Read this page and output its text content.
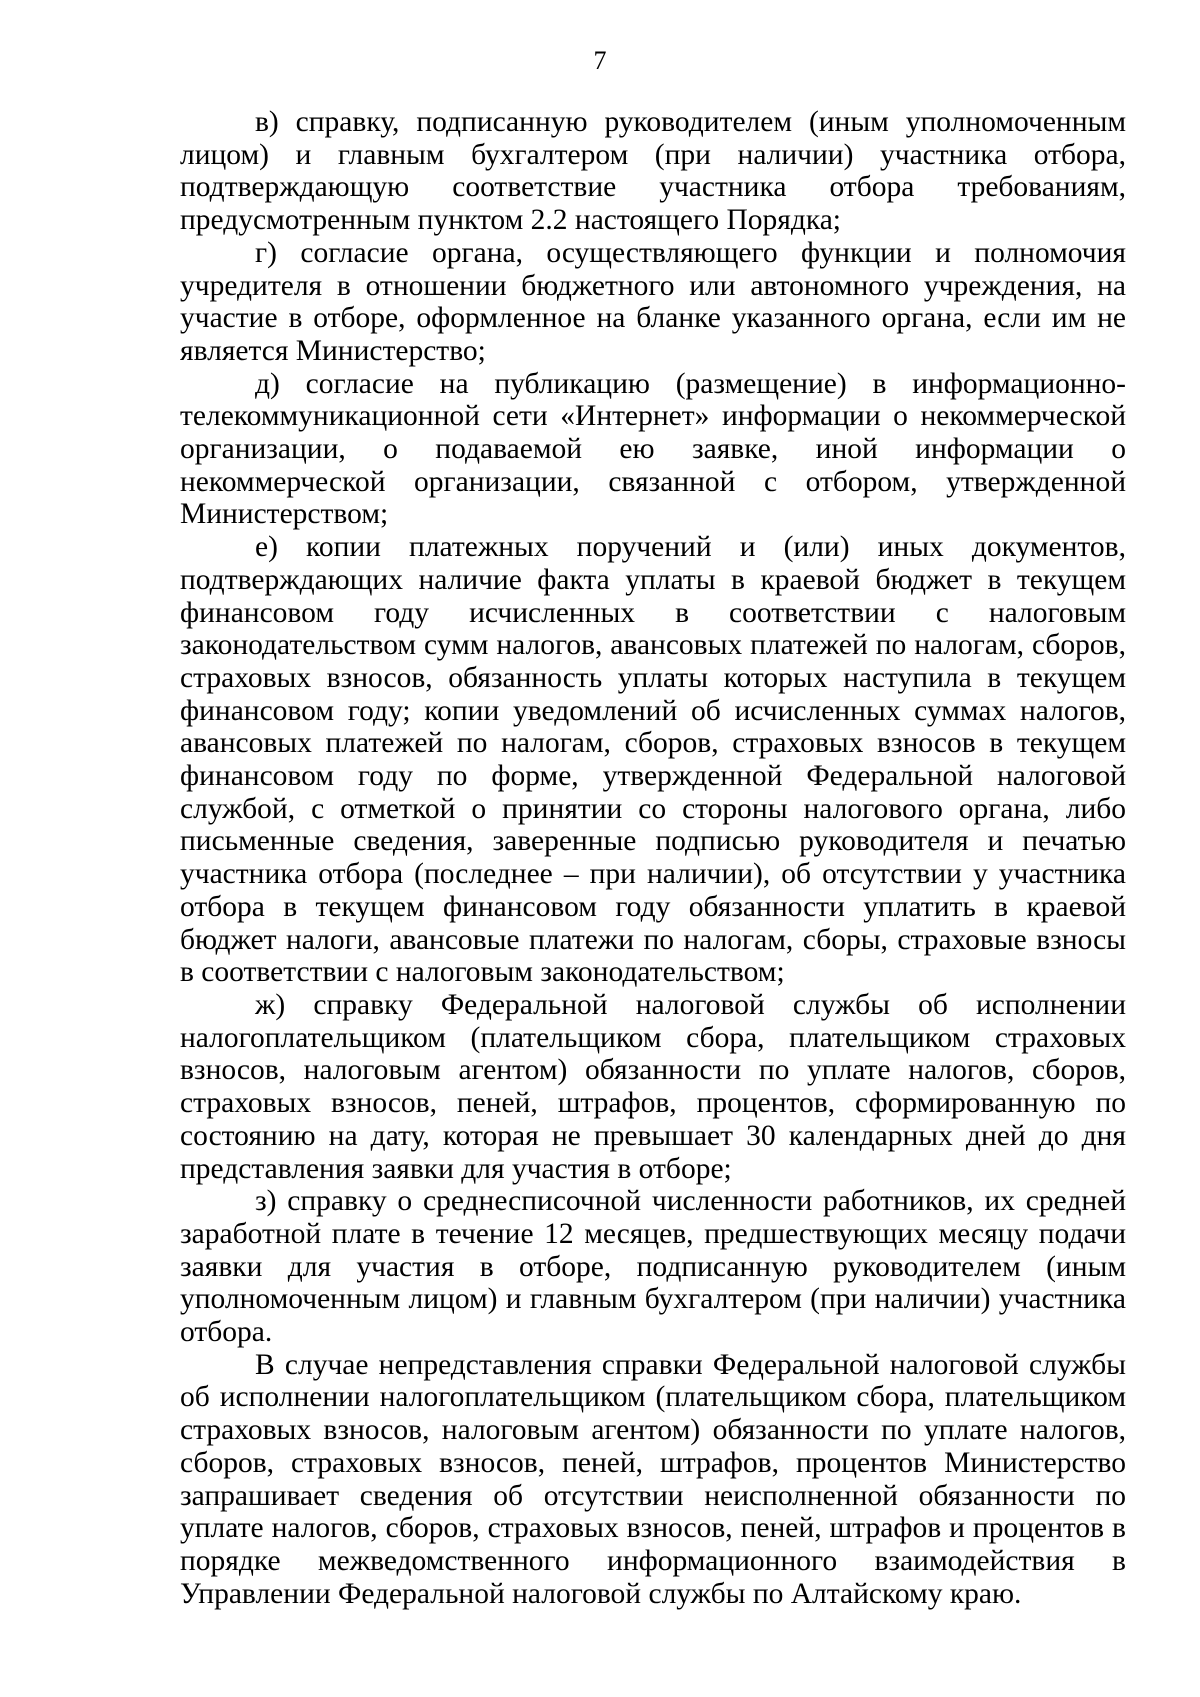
7

в) справку, подписанную руководителем (иным уполномоченным лицом) и главным бухгалтером (при наличии) участника отбора, подтверждающую соответствие участника отбора требованиям, предусмотренным пунктом 2.2 настоящего Порядка;

г) согласие органа, осуществляющего функции и полномочия учредителя в отношении бюджетного или автономного учреждения, на участие в отборе, оформленное на бланке указанного органа, если им не является Министерство;

д) согласие на публикацию (размещение) в информационно-телекоммуникационной сети «Интернет» информации о некоммерческой организации, о подаваемой ею заявке, иной информации о некоммерческой организации, связанной с отбором, утвержденной Министерством;

е) копии платежных поручений и (или) иных документов, подтверждающих наличие факта уплаты в краевой бюджет в текущем финансовом году исчисленных в соответствии с налоговым законодательством сумм налогов, авансовых платежей по налогам, сборов, страховых взносов, обязанность уплаты которых наступила в текущем финансовом году; копии уведомлений об исчисленных суммах налогов, авансовых платежей по налогам, сборов, страховых взносов в текущем финансовом году по форме, утвержденной Федеральной налоговой службой, с отметкой о принятии со стороны налогового органа, либо письменные сведения, заверенные подписью руководителя и печатью участника отбора (последнее – при наличии), об отсутствии у участника отбора в текущем финансовом году обязанности уплатить в краевой бюджет налоги, авансовые платежи по налогам, сборы, страховые взносы в соответствии с налоговым законодательством;

ж) справку Федеральной налоговой службы об исполнении налогоплательщиком (плательщиком сбора, плательщиком страховых взносов, налоговым агентом) обязанности по уплате налогов, сборов, страховых взносов, пеней, штрафов, процентов, сформированную по состоянию на дату, которая не превышает 30 календарных дней до дня представления заявки для участия в отборе;

з) справку о среднесписочной численности работников, их средней заработной плате в течение 12 месяцев, предшествующих месяцу подачи заявки для участия в отборе, подписанную руководителем (иным уполномоченным лицом) и главным бухгалтером (при наличии) участника отбора.

В случае непредставления справки Федеральной налоговой службы об исполнении налогоплательщиком (плательщиком сбора, плательщиком страховых взносов, налоговым агентом) обязанности по уплате налогов, сборов, страховых взносов, пеней, штрафов, процентов Министерство запрашивает сведения об отсутствии неисполненной обязанности по уплате налогов, сборов, страховых взносов, пеней, штрафов и процентов в порядке межведомственного информационного взаимодействия в Управлении Федеральной налоговой службы по Алтайскому краю.
